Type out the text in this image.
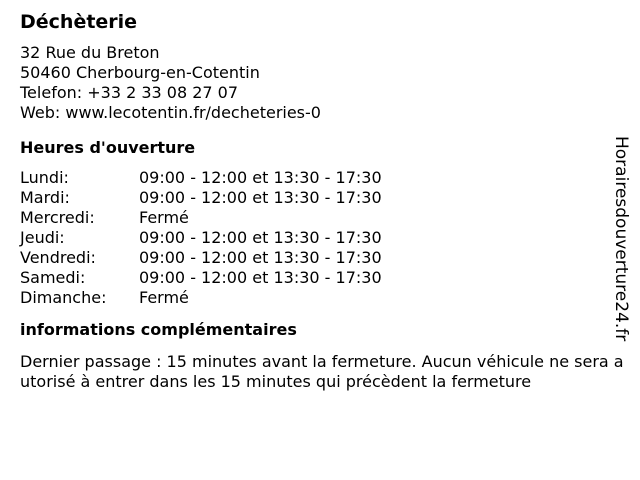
Déchèterie
32 Rue du Breton
50460 Cherbourg-en-Cotentin
Telefon: +33 2 33 08 27 07
Web: www.lecotentin.fr/decheteries-0
Heures d'ouverture
Lundi:	09:00 - 12:00 et 13:30 - 17:30
Mardi:	09:00 - 12:00 et 13:30 - 17:30
Mercredi:	Fermé
Jeudi:	09:00 - 12:00 et 13:30 - 17:30
Vendredi:	09:00 - 12:00 et 13:30 - 17:30
Samedi:	09:00 - 12:00 et 13:30 - 17:30
Dimanche:	Fermé
informations complémentaires
Dernier passage : 15 minutes avant la fermeture. Aucun véhicule ne sera autorisé à entrer dans les 15 minutes qui précèdent la fermeture
Horairesdouverture24.fr
